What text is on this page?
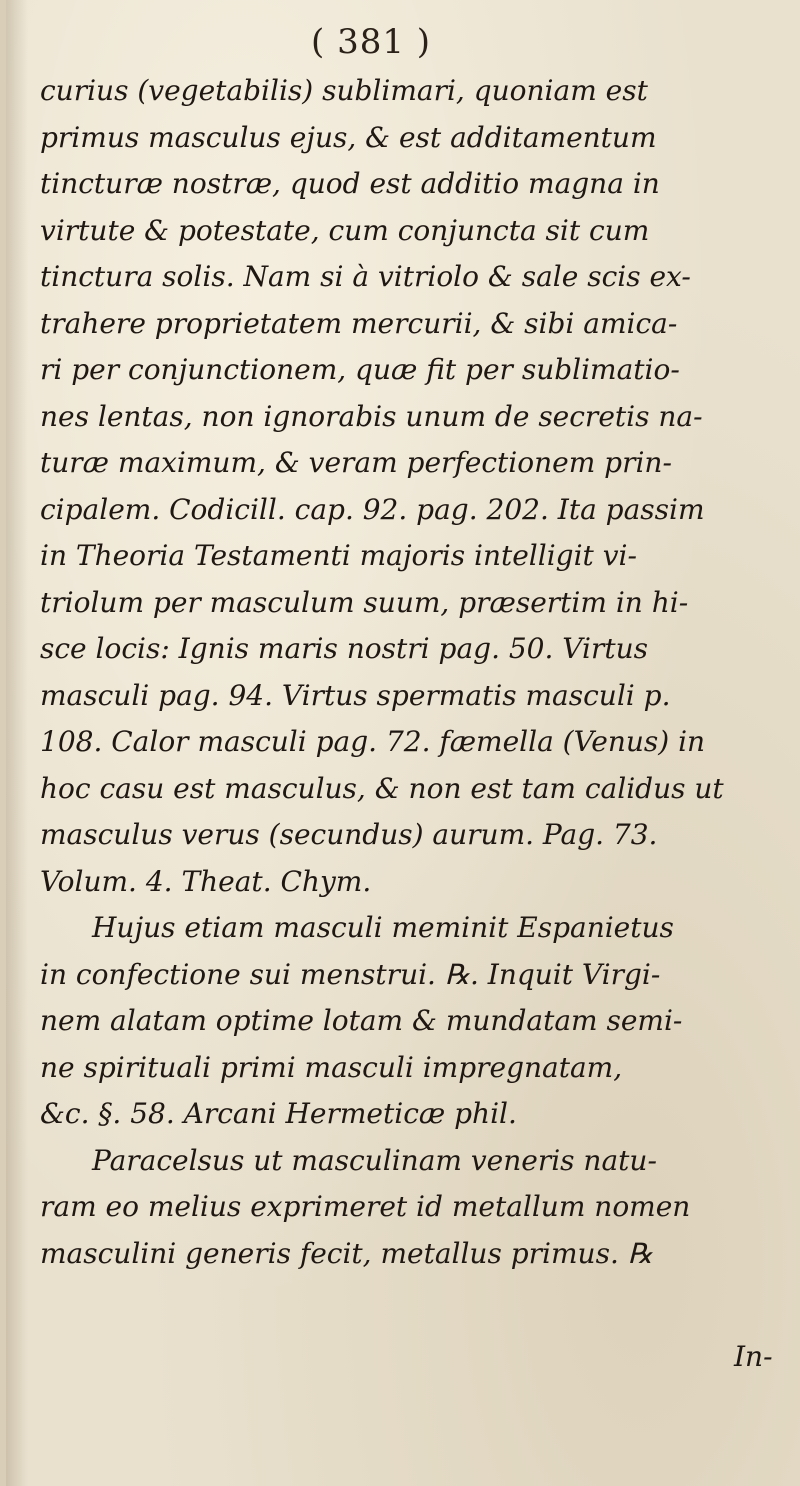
( 381 )
curius (vegetabilis) sublimari, quoniam est
primus masculus ejus, & est additamentum
tincturæ nostræ, quod est additio magna in
virtute & potestate, cum conjuncta sit cum
tinctura solis. Nam si à vitriolo & sale scis ex-
trahere proprietatem mercurii, & sibi amica-
ri per conjunctionem, quæ fit per sublimatio-
nes lentas, non ignorabis unum de secretis na-
turæ maximum, & veram perfectionem prin-
cipalem. Codicill. cap. 92. pag. 202. Ita passim
in Theoria Testamenti majoris intelligit vi-
triolum per masculum suum, præsertim in hi-
sce locis: Ignis maris nostri pag. 50. Virtus
masculi pag. 94. Virtus spermatis masculi p.
108. Calor masculi pag. 72. fæmella (Venus) in
hoc casu est masculus, & non est tam calidus ut
masculus verus (secundus) aurum. Pag. 73.
Volum. 4. Theat. Chym.
Hujus etiam masculi meminit Espanietus
in confectione sui menstrui. ℞. Inquit Virgi-
nem alatam optime lotam & mundatam semi-
ne spirituali primi masculi impregnatam,
&c. §. 58. Arcani Hermeticæ phil.
Paracelsus ut masculinam veneris natu-
ram eo melius exprimeret id metallum nomen
masculini generis fecit, metallus primus. ℞
In-
